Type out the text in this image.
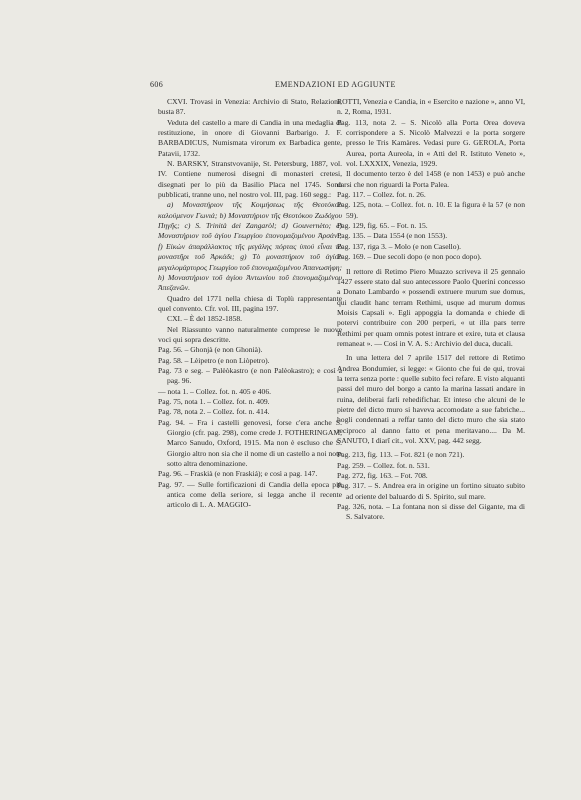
606	EMENDAZIONI ED AGGIUNTE

CXVI. Trovasi in Venezia: Archivio di Stato, Relazioni, busta 87.

Veduta del castello a mare di Candia in una medaglia di restituzione, in onore di Giovanni Barbarigo. J. F. BARBADICUS, Numismata virorum ex Barbadica gente, Patavii, 1732.

N. BARSKY, Stranstvovanije, St. Petersburg, 1887, vol. IV. Contiene numerosi disegni di monasteri cretesi, disegnati per lo più da Basilio Placa nel 1745. Sono pubblicati, tranne uno, nel nostro vol. III, pag. 160 segg.:

a) Μοναστήριον τῆς Κοιμήσεως τῆς Θεοτόκου καλούμενον Γωνιά; b) Μοναστήριον τῆς Θεοτόκου Ζωδόχου Πηγῆς; c) S. Trinità dei Zangaròl; d) Gouvernèto; e) Μοναστήριον τοῦ ἁγίου Γεωργίου ἐπονομαζομένου Ἀρσάνι; f) Εἰκὼν ἀπαράλλακτος τῆς μεγάλης πόρτας ὑπού εἶναι τὸ μοναστῆρι τοῦ Ἀρκάδι; g) Τὸ μοναστήριον τοῦ ἁγίου μεγαλομάρτυρος Γεωργίου τοῦ ἐπονομαζομένου Ἀπανωσήφη; h) Μοναστήριον τοῦ ἁγίου Ἀντωνίου τοῦ ἐπονομαζομένου Ἀπεζανῶν.

Quadro del 1771 nella chiesa di Toplù rappresentante quel convento. Cfr. vol. III, pagina 197.

CXI. – È del 1852-1858.

Nel Riassunto vanno naturalmente comprese le nuove voci qui sopra descritte.

Pag. 56. – Ghonjà (e non Ghonià).

Pag. 58. – Lèipetro (e non Liòpetro).

Pag. 73 e seg. – Palèòkastro (e non Palèokastro); e così a pag. 96.

— nota 1. – Collez. fot. n. 405 e 406.

Pag. 75, nota 1. – Collez. fot. n. 409.

Pag. 78, nota 2. – Collez. fot. n. 414.

Pag. 94. – Fra i castelli genovesi, forse c'era anche S. Giorgio (cfr. pag. 298), come crede J. FOTHERINGAM, Marco Sanudo, Oxford, 1915. Ma non è escluso che S. Giorgio altro non sia che il nome di un castello a noi noto sotto altra denominazione.

Pag. 96. – Fraskià (e non Fraskiá); e così a pag. 147.

Pag. 97. — Sulle fortificazioni di Candia della epoca più antica come della seriore, si legga anche il recente articolo di L. A. MAGGIO-

ROTTI, Venezia e Candia, in « Esercito e nazione », anno VI, n. 2, Roma, 1931.

Pag. 113, nota 2. – S. Nicolò alla Porta Orea doveva corrispondere a S. Nicolò Malvezzi e la porta sorgere presso le Tris Kamàres. Vedasi pure G. GEROLA, Porta Aurea, porta Aureola, in « Atti del R. Istituto Veneto », vol. LXXXIX, Venezia, 1929.

Il documento terzo è del 1458 (e non 1453) e può anche darsi che non riguardi la Porta Palea.

Pag. 117. – Collez. fot. n. 26.

Pag. 125, nota. – Collez. fot. n. 10. E la figura è la 57 (e non 59).

Pag. 129, fig. 65. – Fot. n. 15.

Pag. 135. – Data 1554 (e non 1553).

Pag. 137, riga 3. – Molo (e non Casello).

Pag. 169. – Due secoli dopo (e non poco dopo).

Il rettore di Retimo Piero Muazzo scriveva il 25 gennaio 1427 essere stato dal suo antecessore Paolo Querini concesso a Donato Lambardo « possendi extruere murum sue domus, qui claudit hanc terram Rethimi, usque ad murum domus Moisis Capsali ». Egli appoggia la domanda e chiede di potervi contribuire con 200 perperi, « ut illa pars terre Rethimi per quam omnis potest intrare et exire, tuta et clausa remaneat ». — Così in V. A. S.: Archivio del duca, ducali.

In una lettera del 7 aprile 1517 del rettore di Retimo Andrea Bondumier, si legge: « Gionto che fui de qui, trovai la terra senza porte : quelle subito feci refare. E visto alquanti passi del muro del borgo a canto la marina lassati andare in ruina, deliberai farli rehedifichar. Et inteso che alcuni de le pietre del dicto muro si haveva accomodate a sue fabriche... hogli condennati a reffar tanto del dicto muro che sia stato reciproco al danno fatto et pena meritavano.... Da M. SANUTO, I diarî cit., vol. XXV, pag. 442 segg.

Pag. 213, fig. 113. – Fot. 821 (e non 721).

Pag. 259. – Collez. fot. n. 531.

Pag. 272, fig. 163. – Fot. 708.

Pag. 317. – S. Andrea era in origine un fortino situato subito ad oriente del baluardo di S. Spirito, sul mare.

Pag. 326, nota. – La fontana non si disse del Gigante, ma di S. Salvatore.
